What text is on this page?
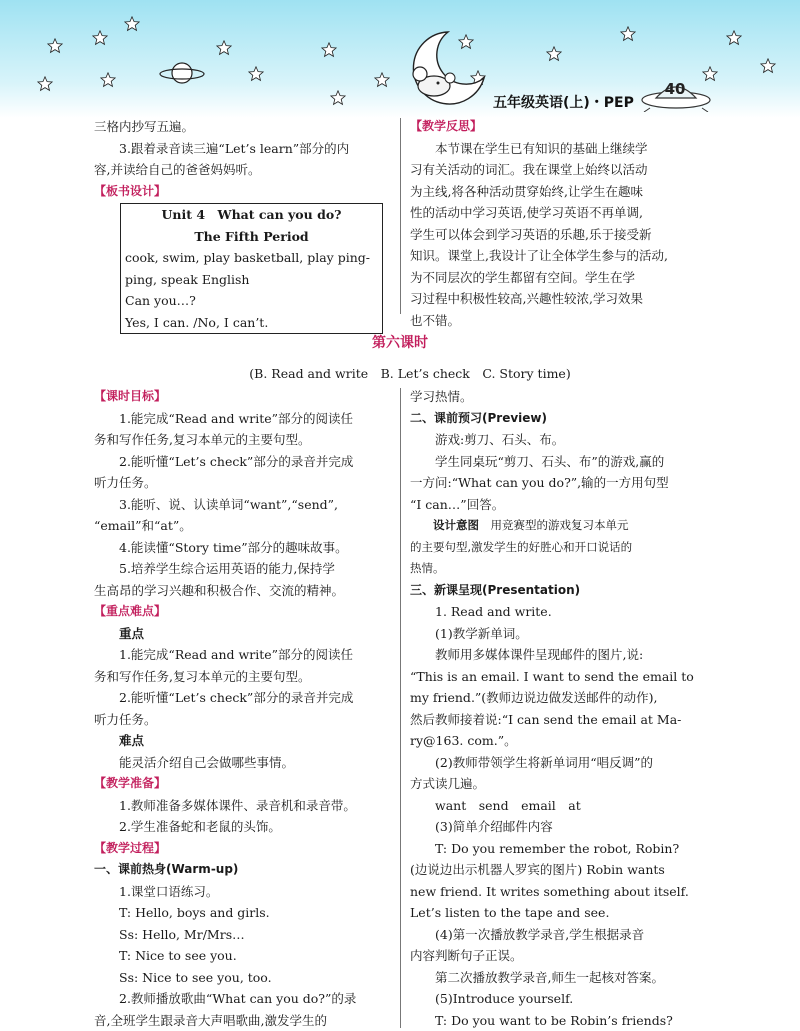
五年级英语(上)・PEP
40

三格内抄写五遍。

3.跟着录音读三遍“Let’s learn”部分的内

容,并读给自己的爸爸妈妈听。

【板书设计】

Unit 4　What can you do?

The Fifth Period

cook, swim, play basketball, play ping-

ping, speak English

Can you…?

Yes, I can. /No, I can’t.

【教学反思】

本节课在学生已有知识的基础上继续学

习有关活动的词汇。我在课堂上始终以活动

为主线,将各种活动贯穿始终,让学生在趣味

性的活动中学习英语,使学习英语不再单调,

学生可以体会到学习英语的乐趣,乐于接受新

知识。课堂上,我设计了让全体学生参与的活动,

为不同层次的学生都留有空间。学生在学

习过程中积极性较高,兴趣性较浓,学习效果

也不错。

第六课时
(B. Read and write　B. Let’s check　C. Story time)

【课时目标】

1.能完成“Read and write”部分的阅读任

务和写作任务,复习本单元的主要句型。

2.能听懂“Let’s check”部分的录音并完成

听力任务。

3.能听、说、认读单词“want”,“send”,

“email”和“at”。

4.能读懂“Story time”部分的趣味故事。

5.培养学生综合运用英语的能力,保持学

生高昂的学习兴趣和积极合作、交流的精神。

【重点难点】

重点

1.能完成“Read and write”部分的阅读任

务和写作任务,复习本单元的主要句型。

2.能听懂“Let’s check”部分的录音并完成

听力任务。

难点

能灵活介绍自己会做哪些事情。

【教学准备】

1.教师准备多媒体课件、录音机和录音带。

2.学生准备蛇和老鼠的头饰。

【教学过程】

一、课前热身(Warm-up)

1.课堂口语练习。

T: Hello, boys and girls.

Ss: Hello, Mr/Mrs…

T: Nice to see you.

Ss: Nice to see you, too.

2.教师播放歌曲“What can you do?”的录

音,全班学生跟录音大声唱歌曲,激发学生的

学习热情。

二、课前预习(Preview)

游戏:剪刀、石头、布。

学生同桌玩“剪刀、石头、布”的游戏,赢的

一方问:“What can you do?”,输的一方用句型

“I can…”回答。

设计意图　 用竞赛型的游戏复习本单元

的主要句型,激发学生的好胜心和开口说话的

热情。

三、新课呈现(Presentation)

1. Read and write.

(1)教学新单词。

教师用多媒体课件呈现邮件的图片,说:

“This is an email. I want to send the email to

my friend.”(教师边说边做发送邮件的动作),

然后教师接着说:“I can send the email at Ma-

ry@163. com.”。

(2)教师带领学生将新单词用“唱反调”的

方式读几遍。

want　send　email　at

(3)简单介绍邮件内容

T: Do you remember the robot, Robin?

(边说边出示机器人罗宾的图片) Robin wants

new friend. It writes something about itself.

Let’s listen to the tape and see.

(4)第一次播放教学录音,学生根据录音

内容判断句子正误。

第二次播放教学录音,师生一起核对答案。

(5)Introduce yourself.

T: Do you want to be Robin’s friends?
